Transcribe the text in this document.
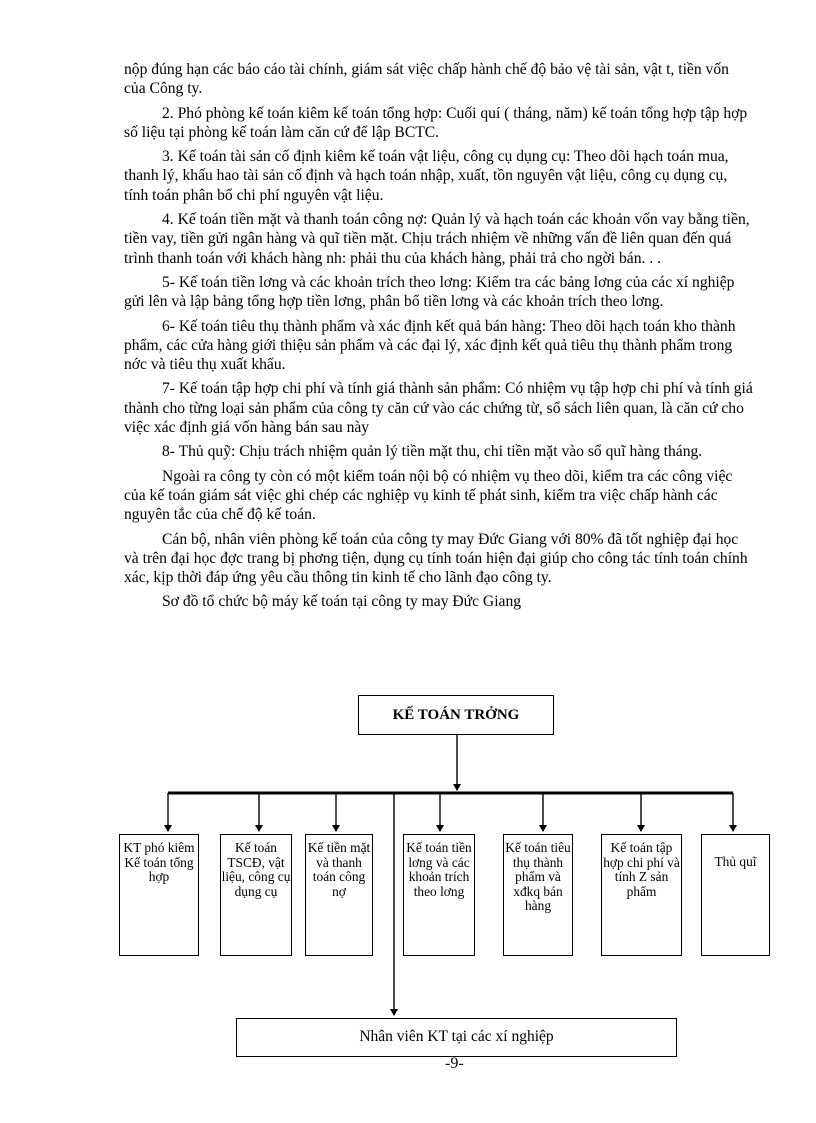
nộp đúng hạn các báo cáo tài chính, giám sát việc chấp hành chế độ bảo vệ tài sản, vật t, tiền vốn của Công ty.

2. Phó phòng kế toán kiêm kế toán tổng hợp: Cuối quí ( tháng, năm) kế toán tổng hợp tập hợp số liệu tại phòng kế toán làm căn cứ để lập BCTC.

3. Kế toán tài sản cố định kiêm kế toán vật liệu, công cụ dụng cụ: Theo dõi hạch toán mua, thanh lý, khấu hao tài sản cố định và hạch toán nhập, xuất, tồn nguyên vật liệu, công cụ dụng cụ, tính toán phân bổ chi phí nguyên vật liệu.

4. Kế toán tiền mặt và thanh toán công nợ: Quản lý và hạch toán các khoản vốn vay bằng tiền, tiền vay, tiền gửi ngân hàng và quĩ tiền mặt. Chịu trách nhiệm về những vấn đề liên quan đến quá trình thanh toán với khách hàng nh: phải thu của khách hàng, phải trả cho ngời bán. . .

5- Kế toán tiền lơng và các khoản trích theo lơng: Kiểm tra các bảng lơng của các xí nghiệp gửi lên và lập bảng tổng hợp tiền lơng, phân bổ tiền lơng và các khoản trích theo lơng.

6- Kế toán tiêu thụ thành phẩm và xác định kết quả bán hàng: Theo dõi hạch toán kho thành phẩm, các cửa hàng giới thiệu sản phẩm và các đại lý, xác định kết quả tiêu thụ thành phẩm trong nớc và tiêu thụ xuất khẩu.

7- Kế toán tập hợp chi phí và tính giá thành sản phẩm: Có nhiệm vụ tập hợp chi phí và tính giá thành cho từng loại sản phẩm của công ty căn cứ vào các chứng từ, sổ sách liên quan, là căn cứ cho việc xác định giá vốn hàng bán sau này

8- Thủ quỹ: Chịu trách nhiệm quản lý tiền mặt thu, chi tiền mặt vào sổ quĩ hàng tháng.

Ngoài ra công ty còn có một kiểm toán nội bộ có nhiệm vụ theo dõi, kiểm tra các công việc của kế toán giám sát việc ghi chép các nghiệp vụ kinh tế phát sinh, kiểm tra việc chấp hành các nguyên tắc của chế độ kế toán.

Cán bộ, nhân viên phòng kế toán của công ty may Đức Giang với 80% đã tốt nghiệp đại học và trên đại học đợc trang bị phơng tiện, dụng cụ tính toán hiện đại giúp cho công tác tính toán chính xác, kịp thời đáp ứng yêu cầu thông tin kinh tế cho lãnh đạo công ty.

Sơ đồ tổ chức bộ máy kế toán tại công ty may Đức Giang

KẾ TOÁN TRỞNG
KT phó kiêm Kế toán tổng hợp
Kế toán TSCĐ, vật liệu, công cụ dụng cụ
Kế tiền mặt và thanh toán công nợ
Kế toán tiền lơng và các khoản trích theo lơng
Kế toán tiêu thụ thành phẩm và xđkq bán hàng
Kế toán tập hợp chi phí và tính Z sản phẩm
Thủ quĩ
Nhân viên KT tại các xí nghiệp
-9-
